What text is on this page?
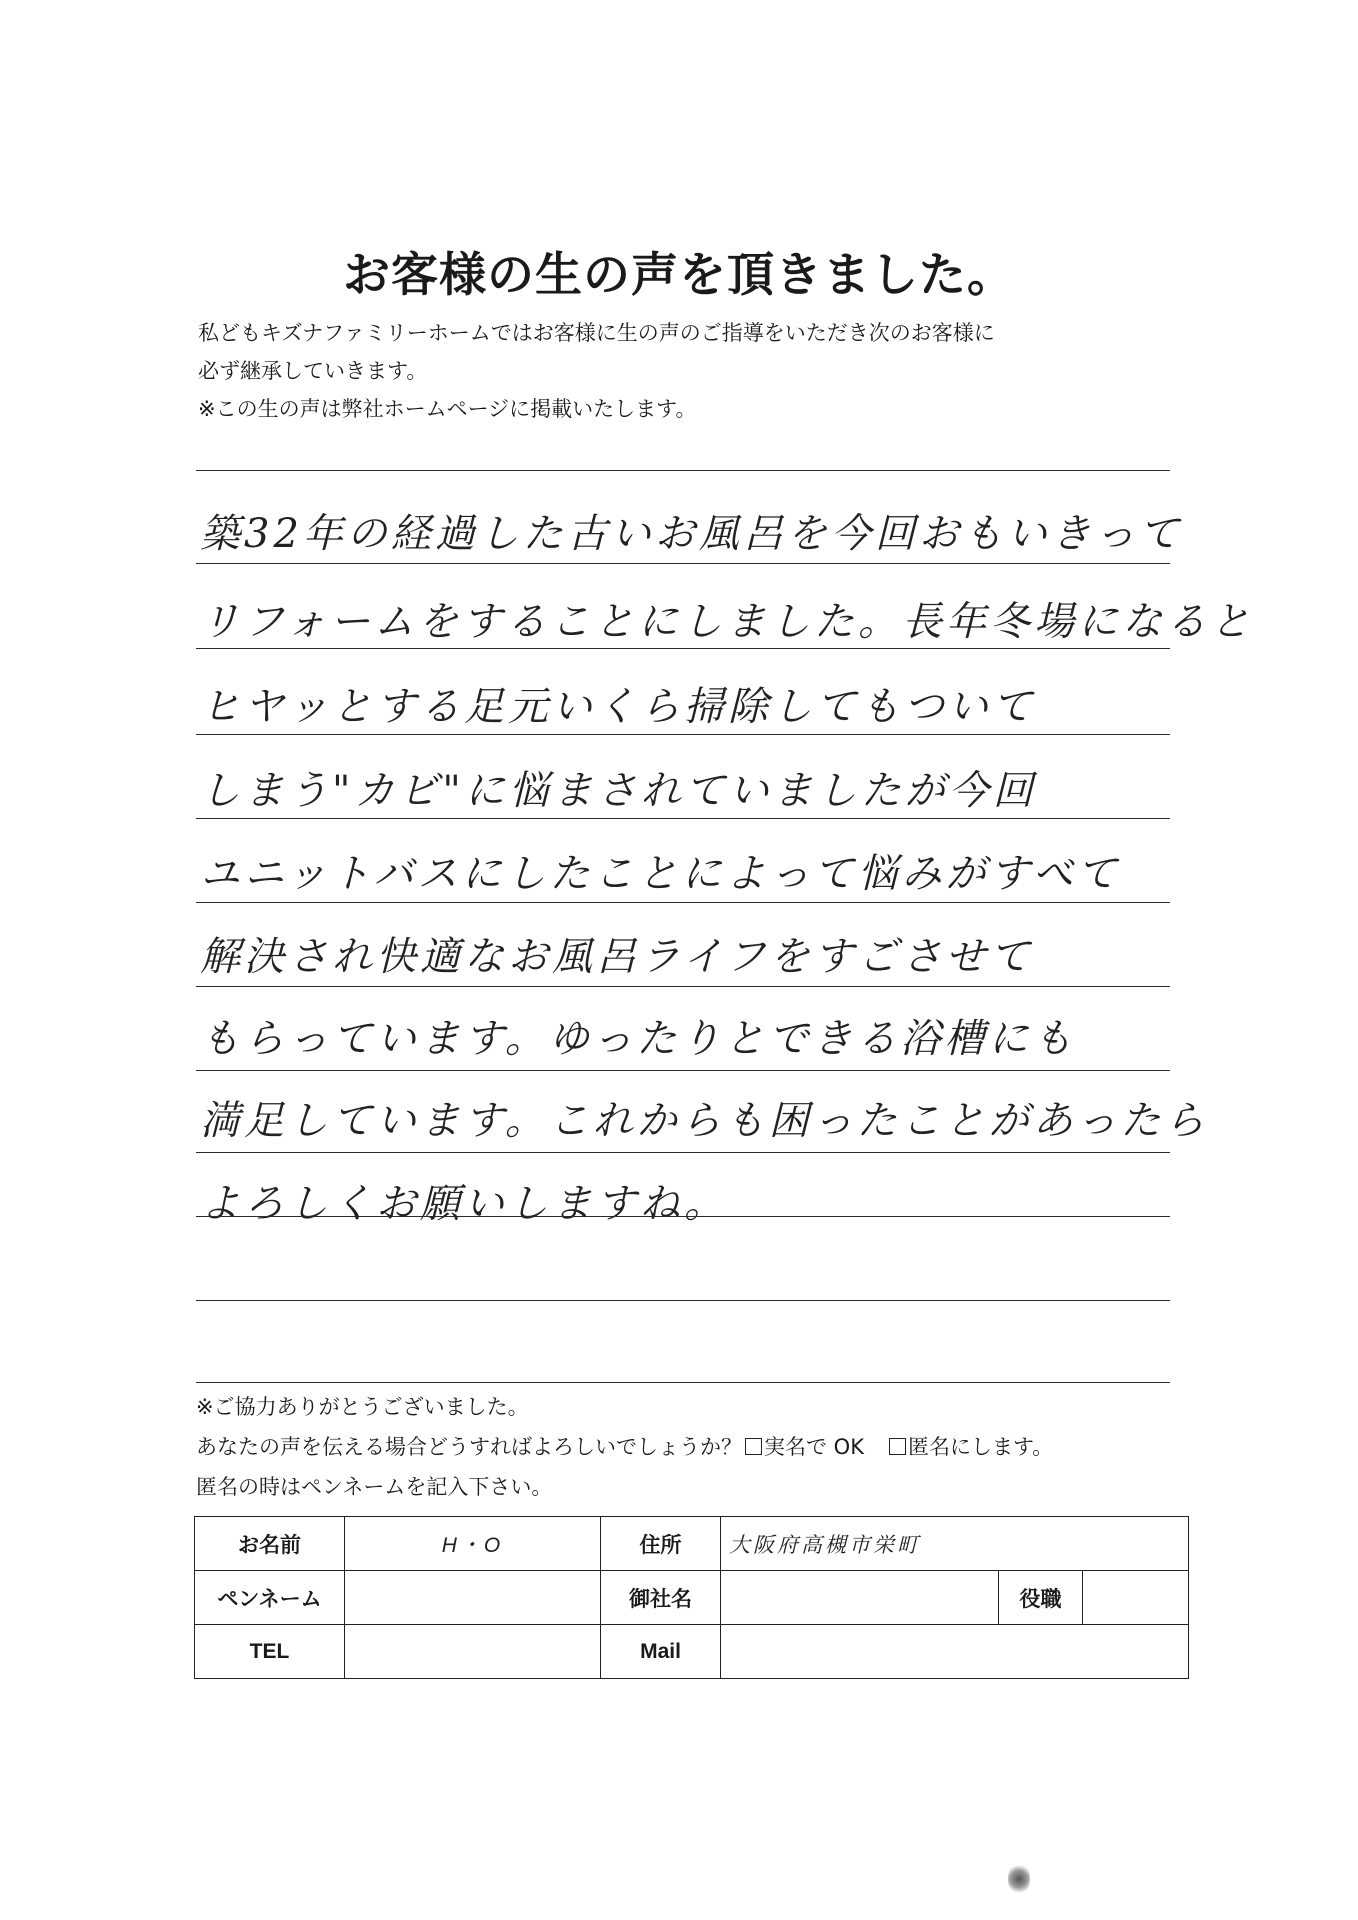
お客様の生の声を頂きました。
私どもキズナファミリーホームではお客様に生の声のご指導をいただき次のお客様に
必ず継承していきます。
※この生の声は弊社ホームページに掲載いたします。
築32年の経過した古いお風呂を今回おもいきって
リフォームをすることにしました。長年冬場になると
ヒヤッとする足元いくら掃除してもついて
しまう"カビ"に悩まされていましたが今回
ユニットバスにしたことによって悩みがすべて
解決され快適なお風呂ライフをすごさせて
もらっています。ゆったりとできる浴槽にも
満足しています。これからも困ったことがあったら
よろしくお願いしますね。
※ご協力ありがとうございました。
あなたの声を伝える場合どうすればよろしいでしょうか？ 実名で OK 匿名にします。
匿名の時はペンネームを記入下さい。
お名前	H・O	住所	大阪府高槻市栄町		
ペンネーム		御社名		役職	
TEL		Mail			
